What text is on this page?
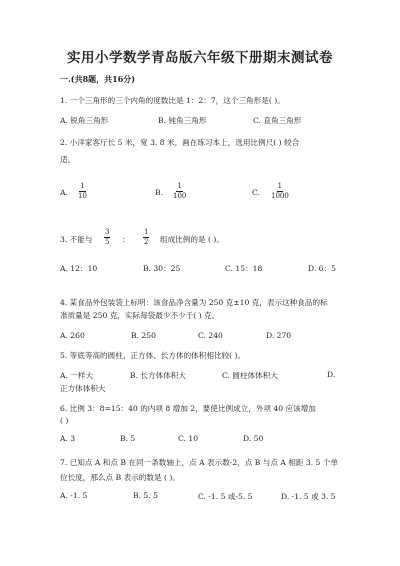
实用小学数学青岛版六年级下册期末测试卷
一.(共8题，共16分)
1. 一个三角形的三个内角的度数比是 1：2：7，这个三角形是( )。
A. 锐角三角形	B. 钝角三角形	C. 直角三角形
2. 小洋家客厅长 5 米，宽 3. 8 米，画在练习本上，选用比例尺( ) 较合
适。
A. $\frac{1}{10}$	B. $\frac{1}{100}$	C. $\frac{1}{1000}$
3. 不能与 $\frac{3}{5}$ ： $\frac{1}{2}$ 组成比例的是 ( )。
A. 12：10	B. 30：25	C. 15：18	D. 6：5
4. 某食品外包装袋上标明：该食品净含量为 250 克±10 克，表示这种食品的标
准质量是 250 克，实际每袋最少不少于( ) 克。
A. 260	B. 250	C. 240	D. 270
5. 等底等高的圆柱、正方体、长方体的体积相比较( )。
A. 一样大	B. 长方体体积大	C. 圆柱体体积大	D.
正方体体积大
6. 比例 3：8=15：40 的内项 8 增加 2，要使比例成立，外项 40 应该增加
( )
A. 3	B. 5	C. 10	D. 50
7. 已知点 A 和点 B 在同一条数轴上，点 A 表示数-2，点 B 与点 A 相距 3. 5 个单
位长度，那么点 B 表示的数是 ( )。
A. -1. 5	B. 5. 5	C. -1. 5 或-5. 5	D. -1. 5 或 3. 5
